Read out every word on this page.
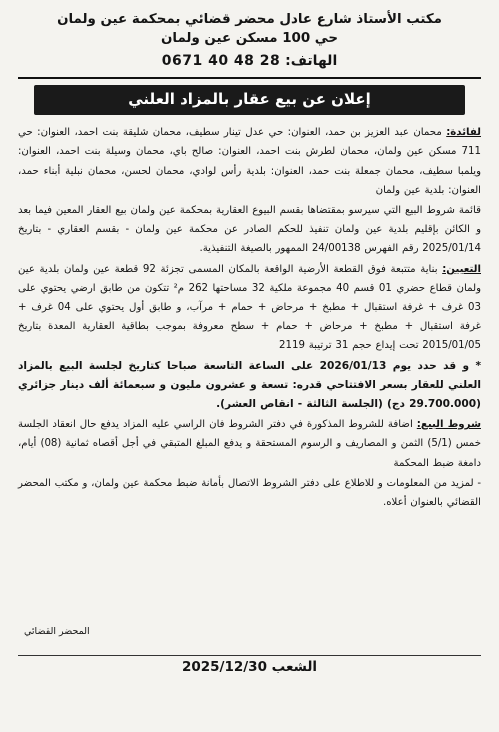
مكتب الأستاذ شارع عادل محضر قضائي بمحكمة عين ولمان
حي 100 مسكن عين ولمان
الهاتف: 0671 40 48 28
إعلان عن بيع عقار بالمزاد العلني

لفائدة: محمان عبد العزيز بن حمد، العنوان: حي عدل تينار سطيف، محمان شليقة بنت احمد، العنوان: حي 711 مسكن عين ولمان، محمان لطرش بنت احمد، العنوان: صالح باي، محمان وسيلة بنت احمد، العنوان: ويلمبا سطيف، محمان جمعلة بنت حمد، العنوان: بلدية رأس لوادي، محمان لحسن، محمان نبلية أبناء حمد، العنوان: بلدية عين ولمان

قائمة شروط البيع التي سيرسو بمقتضاها بقسم البيوع العقارية بمحكمة عين ولمان بيع العقار المعين فيما بعد و الكائن بإقليم بلدية عين ولمان تنفيذ للحكم الصادر عن محكمة عين ولمان - بقسم العقاري - بتاريخ 2025/01/14 رقم الفهرس 24/00138 الممهور بالصيغة التنفيذية.

التعيين: بناية متتبعة فوق القطعة الأرضية الواقعة بالمكان المسمى تجزئة 92 قطعة عين ولمان بلدية عين ولمان قطاع حضري 01 قسم 40 مجموعة ملكية 32 مساحتها 262 م² تتكون من طابق ارضي يحتوي على 03 غرف + غرفة استقبال + مطبخ + مرحاض + حمام + مرآب، و طابق أول يحتوي على 04 غرف + غرفة استقبال + مطبخ + مرحاض + حمام + سطح معروفة بموجب بطاقية العقارية المعدة بتاريخ 2015/01/05 تحت إيداع حجم 31 ترتيبة 2119

* و قد حدد يوم 2026/01/13 على الساعة التاسعة صباحا كتاريخ لجلسة البيع بالمزاد العلني للعقار بسعر الافتتاحي قدره: تسعة و عشرون مليون و سبعمائة ألف دينار جزائري (29.700.000 دج) (الجلسة الثالثة - انقاص العشر).

شروط البيع: اضافة للشروط المذكورة في دفتر الشروط فان الراسي عليه المزاد يدفع حال انعقاد الجلسة خمس (5/1) الثمن و المصاريف و الرسوم المستحقة و يدفع المبلغ المتبقي في أجل أقصاه ثمانية (08) أيام، دامغة ضبط المحكمة

- لمزيد من المعلومات و للاطلاع على دفتر الشروط الاتصال بأمانة ضبط محكمة عين ولمان، و مكتب المحضر القضائي بالعنوان أعلاه.

المحضر القضائي
الشعب 2025/12/30
